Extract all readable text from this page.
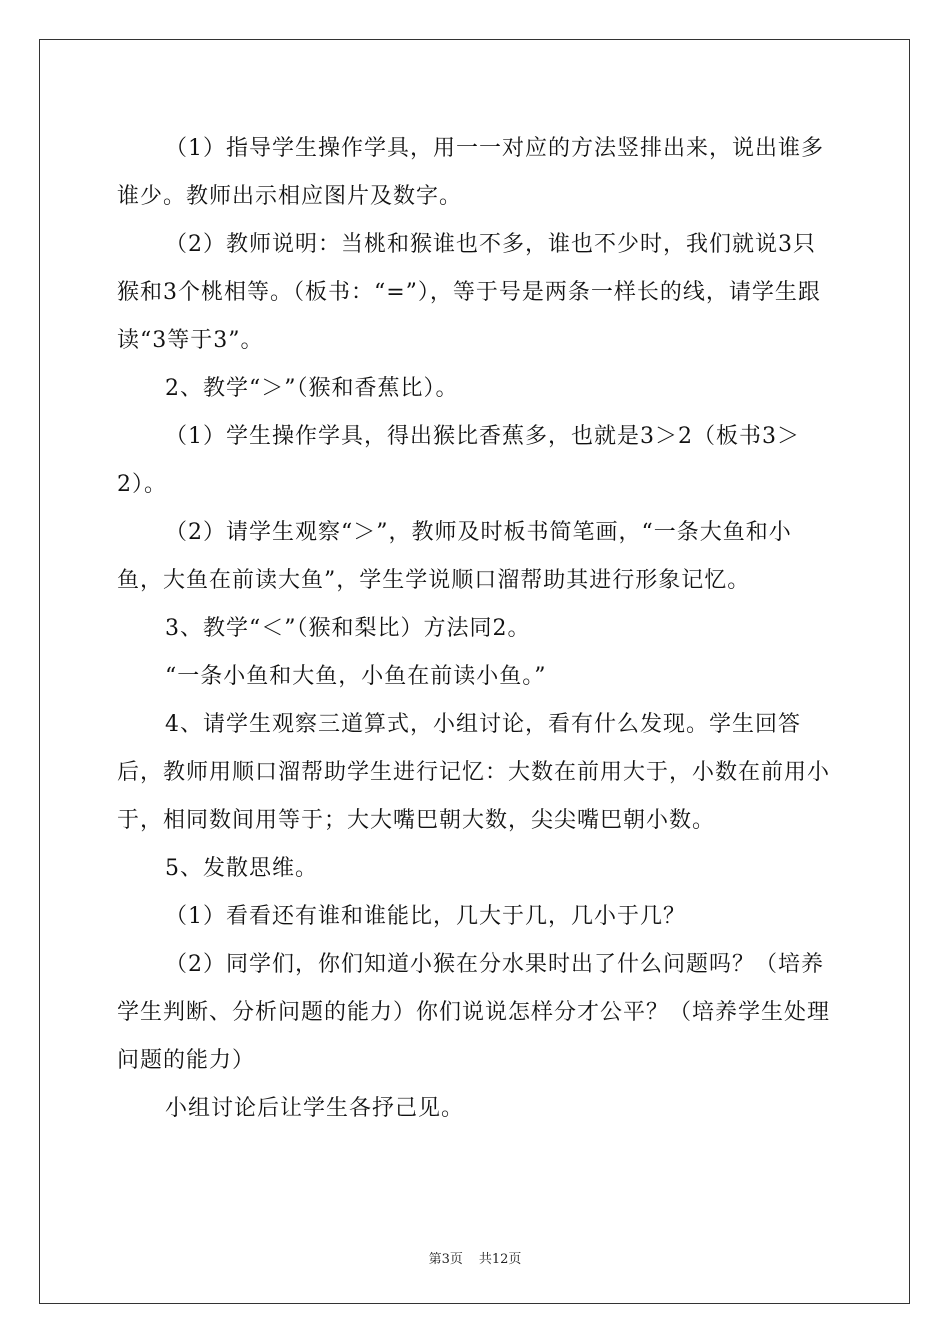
（1）指导学生操作学具，用一一对应的方法竖排出来，说出谁多谁少。教师出示相应图片及数字。

（2）教师说明：当桃和猴谁也不多，谁也不少时，我们就说3只猴和3个桃相等。（板书：“=”），等于号是两条一样长的线，请学生跟读“3等于3”。

2、教学“＞”（猴和香蕉比）。

（1）学生操作学具，得出猴比香蕉多，也就是3＞2（板书3＞2）。

（2）请学生观察“＞”，教师及时板书简笔画，“一条大鱼和小鱼，大鱼在前读大鱼”，学生学说顺口溜帮助其进行形象记忆。

3、教学“＜”（猴和梨比）方法同2。

“一条小鱼和大鱼，小鱼在前读小鱼。”

4、请学生观察三道算式，小组讨论，看有什么发现。学生回答后，教师用顺口溜帮助学生进行记忆：大数在前用大于，小数在前用小于，相同数间用等于；大大嘴巴朝大数，尖尖嘴巴朝小数。

5、发散思维。

（1）看看还有谁和谁能比，几大于几，几小于几？

（2）同学们，你们知道小猴在分水果时出了什么问题吗？（培养学生判断、分析问题的能力）你们说说怎样分才公平？（培养学生处理问题的能力）

小组讨论后让学生各抒己见。

第3页 共12页
